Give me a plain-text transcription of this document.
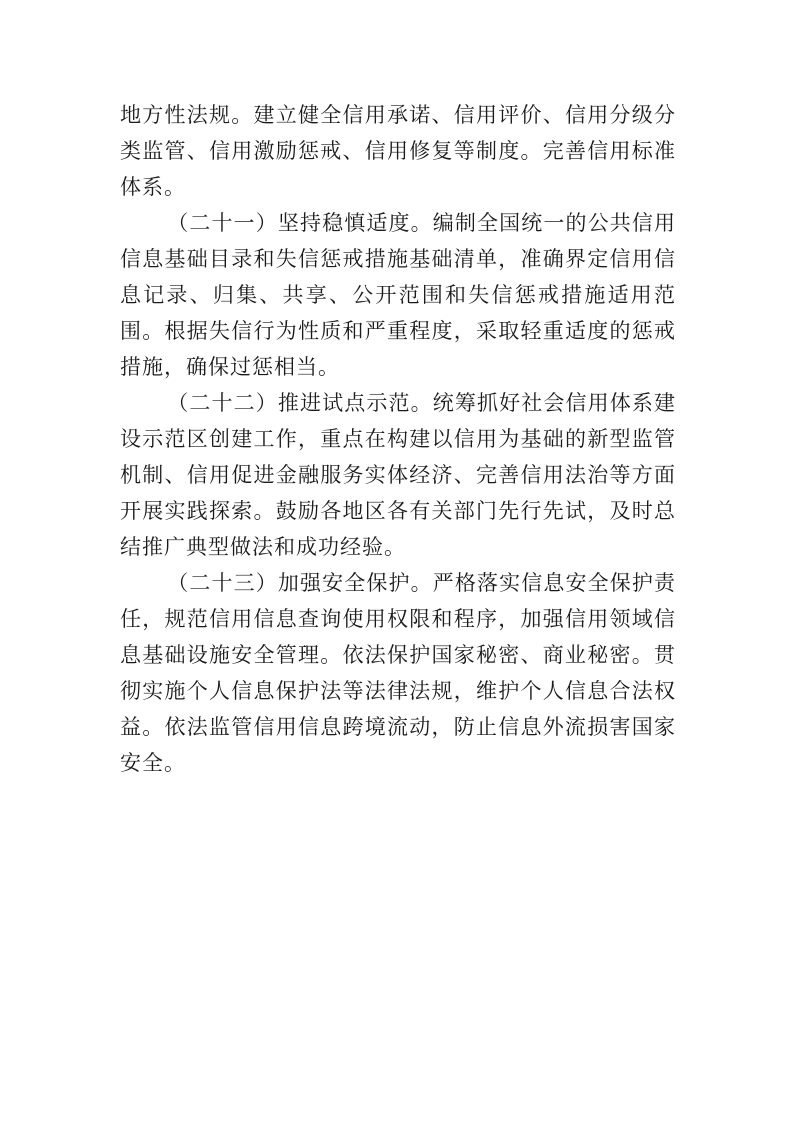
地方性法规。建立健全信用承诺、信用评价、信用分级分类监管、信用激励惩戒、信用修复等制度。完善信用标准体系。

（二十一）坚持稳慎适度。编制全国统一的公共信用信息基础目录和失信惩戒措施基础清单，准确界定信用信息记录、归集、共享、公开范围和失信惩戒措施适用范围。根据失信行为性质和严重程度，采取轻重适度的惩戒措施，确保过惩相当。

（二十二）推进试点示范。统筹抓好社会信用体系建设示范区创建工作，重点在构建以信用为基础的新型监管机制、信用促进金融服务实体经济、完善信用法治等方面开展实践探索。鼓励各地区各有关部门先行先试，及时总结推广典型做法和成功经验。

（二十三）加强安全保护。严格落实信息安全保护责任，规范信用信息查询使用权限和程序，加强信用领域信息基础设施安全管理。依法保护国家秘密、商业秘密。贯彻实施个人信息保护法等法律法规，维护个人信息合法权益。依法监管信用信息跨境流动，防止信息外流损害国家安全。
